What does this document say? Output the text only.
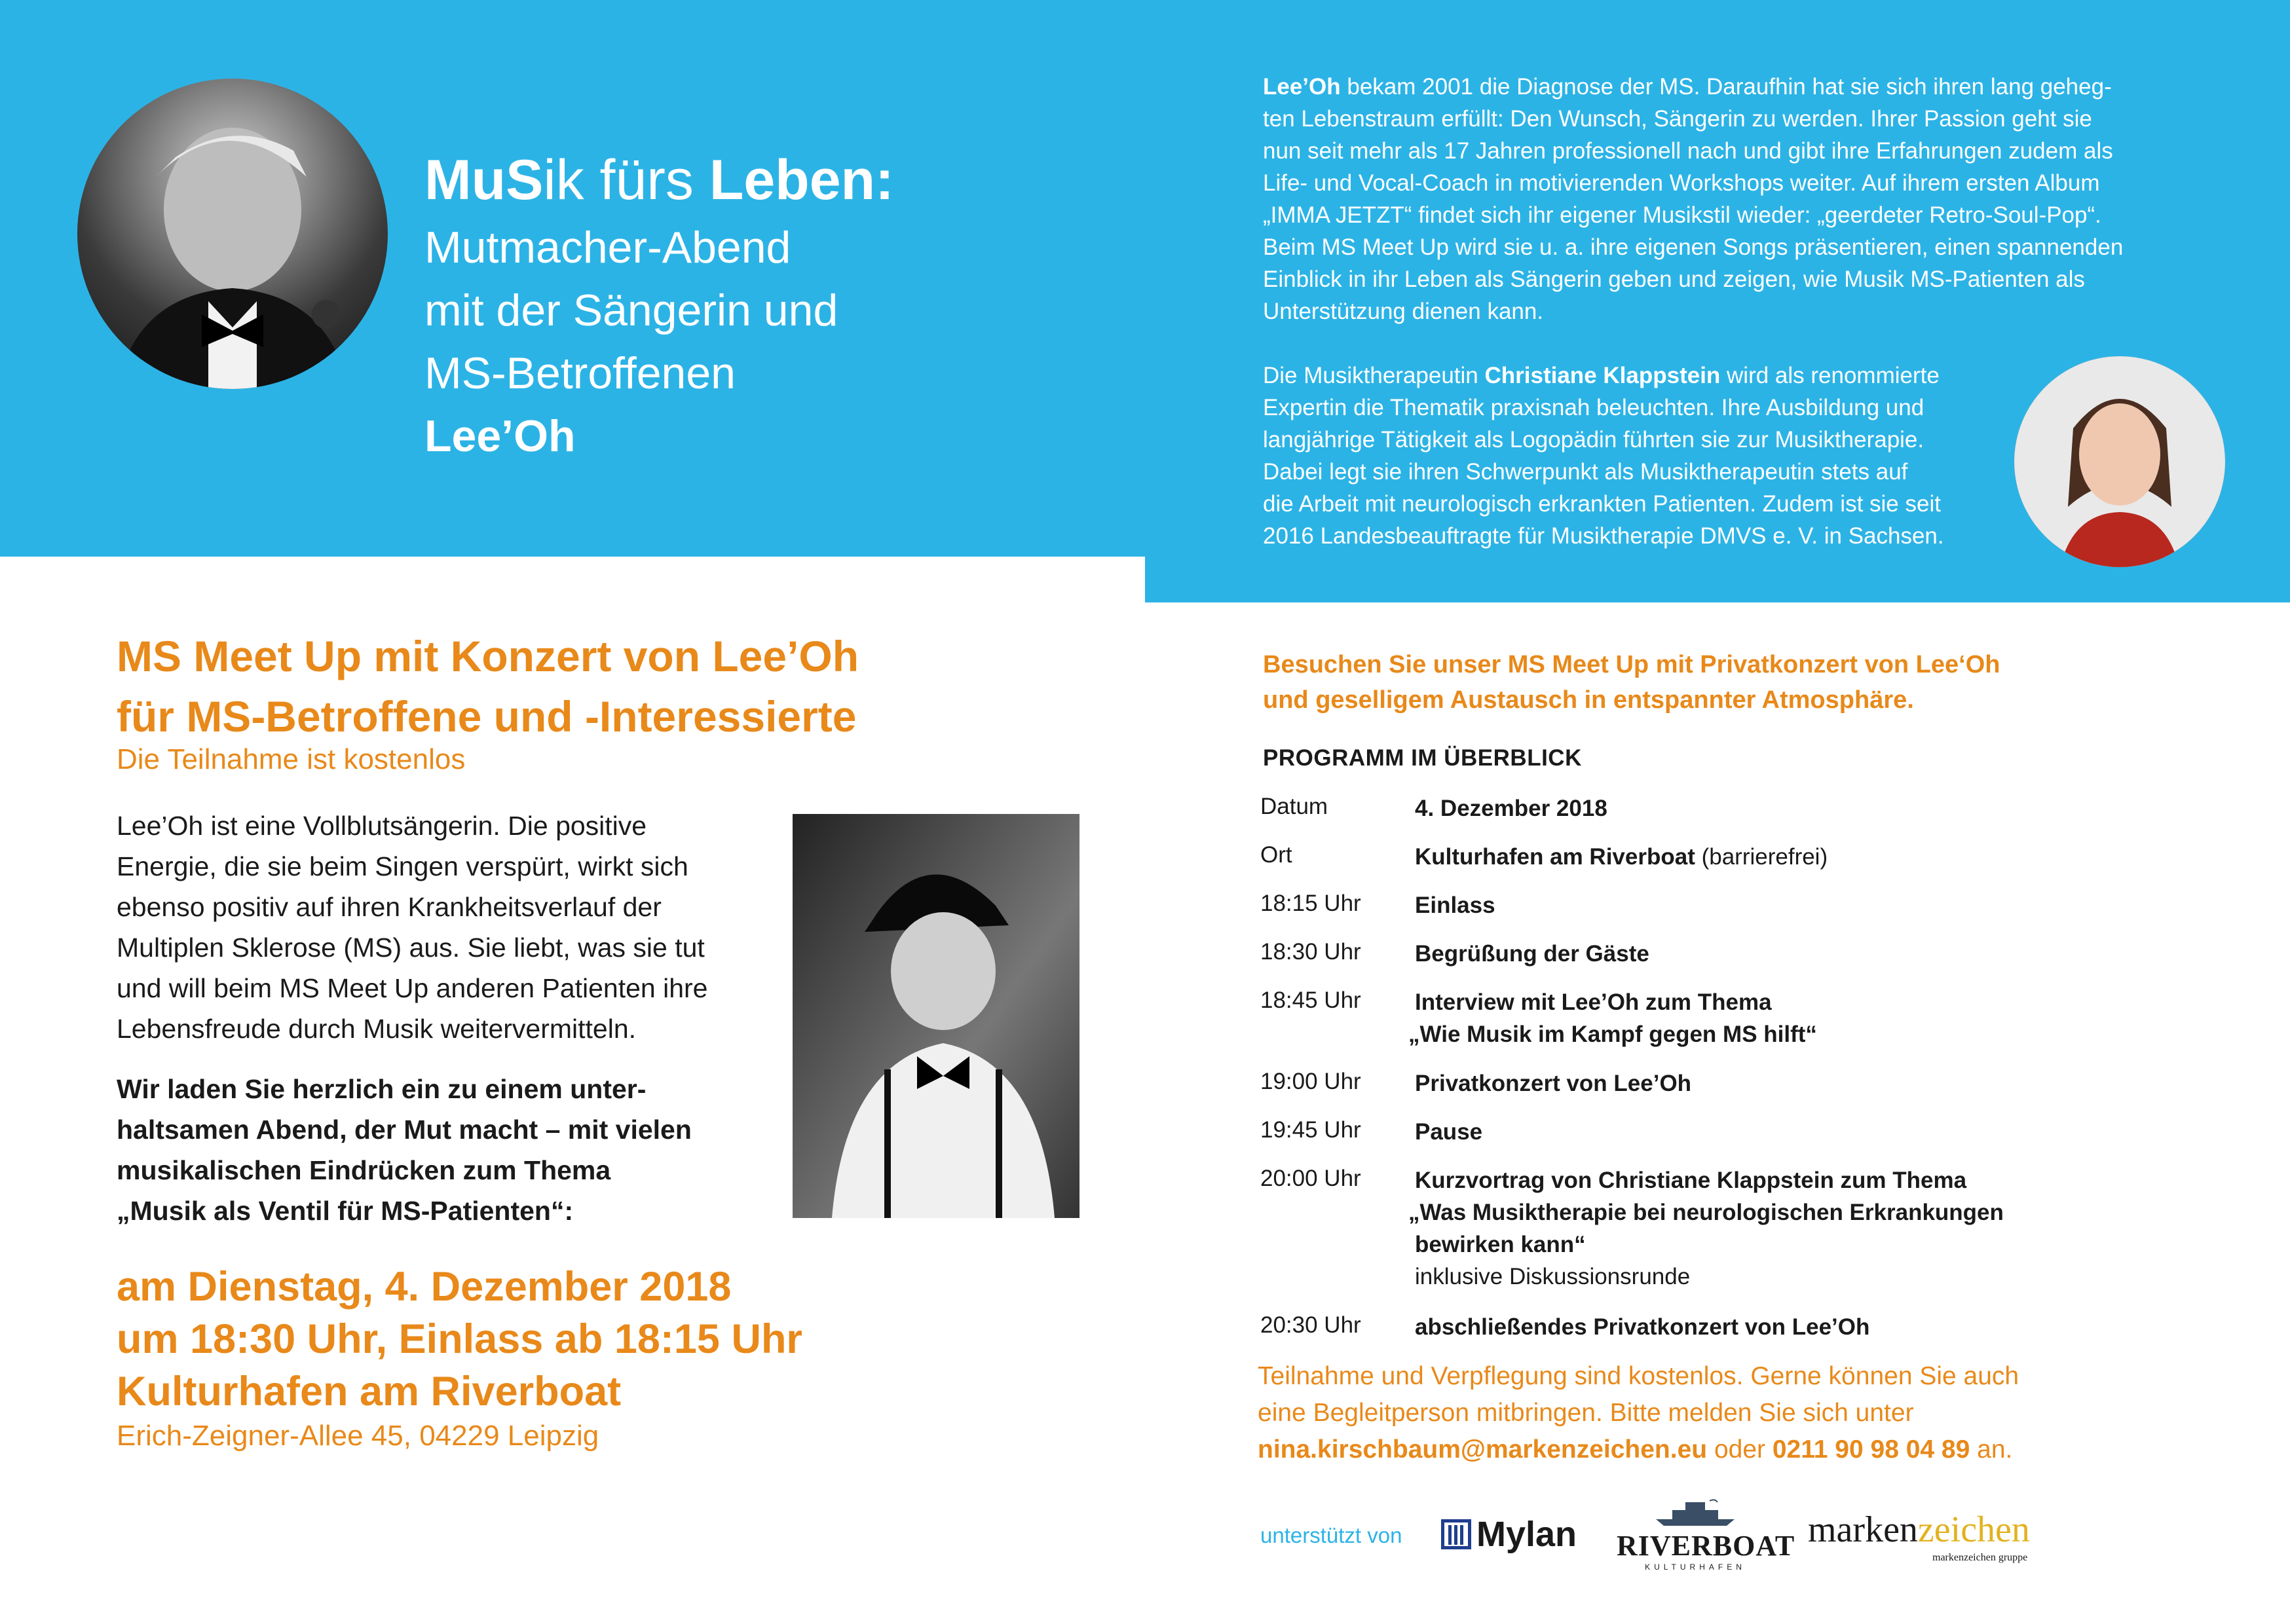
MuSik fürs Leben:
Mutmacher-Abend
mit der Sängerin und
MS-Betroffenen
Lee’Oh

Lee’Oh bekam 2001 die Diagnose der MS. Daraufhin hat sie sich ihren lang geheg-

ten Lebenstraum erfüllt: Den Wunsch, Sängerin zu werden. Ihrer Passion geht sie

nun seit mehr als 17 Jahren professionell nach und gibt ihre Erfahrungen zudem als

Life- und Vocal-Coach in motivierenden Workshops weiter. Auf ihrem ersten Album

„IMMA JETZT“ findet sich ihr eigener Musikstil wieder: „geerdeter Retro-Soul-Pop“.

Beim MS Meet Up wird sie u. a. ihre eigenen Songs präsentieren, einen spannenden

Einblick in ihr Leben als Sängerin geben und zeigen, wie Musik MS-Patienten als

Unterstützung dienen kann.

Die Musiktherapeutin Christiane Klappstein wird als renommierte

Expertin die Thematik praxisnah beleuchten. Ihre Ausbildung und

langjährige Tätigkeit als Logopädin führten sie zur Musiktherapie.

Dabei legt sie ihren Schwerpunkt als Musiktherapeutin stets auf

die Arbeit mit neurologisch erkrankten Patienten. Zudem ist sie seit

2016 Landesbeauftragte für Musiktherapie DMVS e. V. in Sachsen.

MS Meet Up mit Konzert von Lee’Oh
für MS-Betroffene und -Interessierte
Die Teilnahme ist kostenlos
Lee’Oh ist eine Vollblutsängerin. Die positive
Energie, die sie beim Singen verspürt, wirkt sich
ebenso positiv auf ihren Krankheitsverlauf der
Multiplen Sklerose (MS) aus. Sie liebt, was sie tut
und will beim MS Meet Up anderen Patienten ihre
Lebensfreude durch Musik weitervermitteln.
Wir laden Sie herzlich ein zu einem unter-
haltsamen Abend, der Mut macht – mit vielen
musikalischen Eindrücken zum Thema
„Musik als Ventil für MS-Patienten“:
am Dienstag, 4. Dezember 2018
um 18:30 Uhr, Einlass ab 18:15 Uhr
Kulturhafen am Riverboat
Erich-Zeigner-Allee 45, 04229 Leipzig
Besuchen Sie unser MS Meet Up mit Privatkonzert von Lee‘Oh
und geselligem Austausch in entspannter Atmosphäre.
PROGRAMM IM ÜBERBLICK
Datum	4. Dezember 2018
Ort	Kulturhafen am Riverboat (barrierefrei)
18:15 Uhr Einlass
18:30 Uhr Begrüßung der Gäste
18:45 Uhr Interview mit Lee’Oh zum Thema
„Wie Musik im Kampf gegen MS hilft“
19:00 Uhr Privatkonzert von Lee’Oh
19:45 Uhr Pause
20:00 Uhr Kurzvortrag von Christiane Klappstein zum Thema
„Was Musiktherapie bei neurologischen Erkrankungen
bewirken kann“
inklusive Diskussionsrunde
20:30 Uhr abschließendes Privatkonzert von Lee’Oh
Teilnahme und Verpflegung sind kostenlos. Gerne können Sie auch
eine Begleitperson mitbringen. Bitte melden Sie sich unter
nina.kirschbaum@markenzeichen.eu oder 0211 90 98 04 89 an.
unterstützt von Mylan RIVERBOAT
KULTURHAFEN
markenzeichen
markenzeichen gruppe
